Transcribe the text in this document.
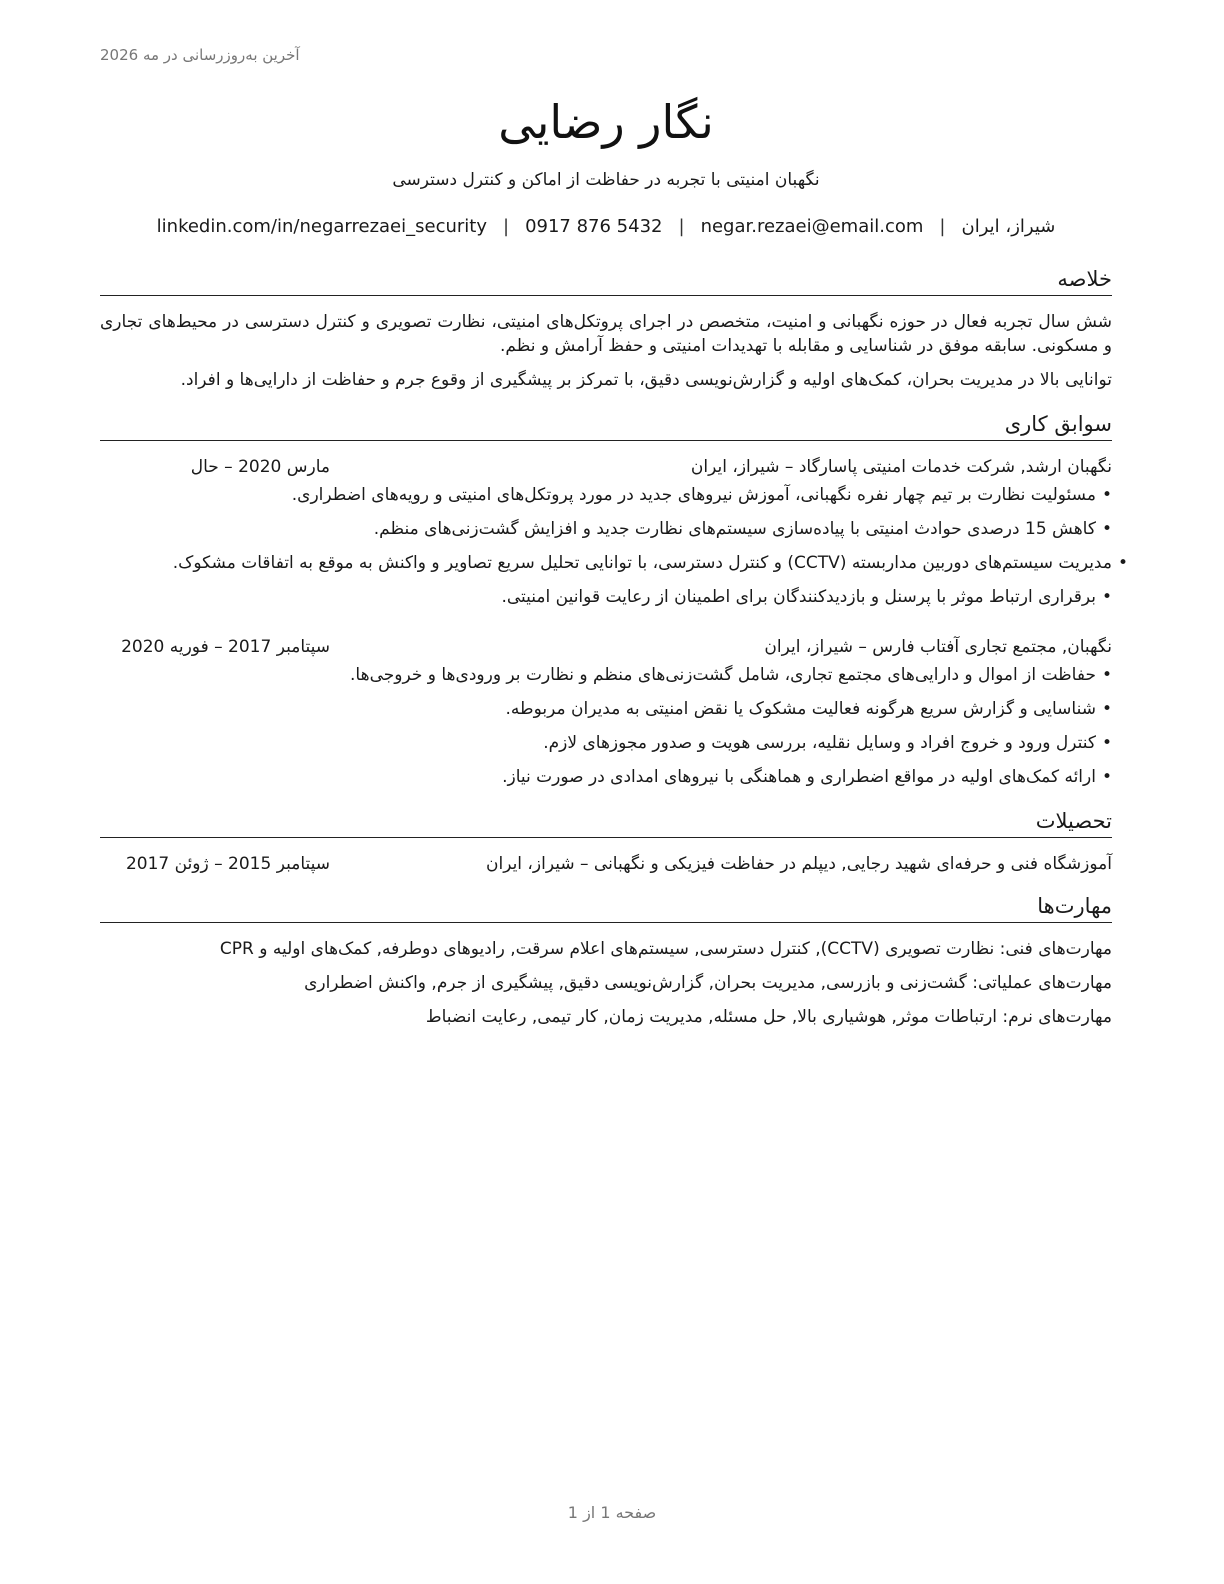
آخرین به‌روزرسانی در مه 2026
نگار رضایی
نگهبان امنیتی با تجربه در حفاظت از اماکن و کنترل دسترسی
شیراز، ایران
|
negar.rezaei@email.com
|
0917 876 5432
|
linkedin.com/in/negarrezaei_security
خلاصه

شش سال تجربه فعال در حوزه نگهبانی و امنیت، متخصص در اجرای پروتکل‌های امنیتی، نظارت تصویری و کنترل دسترسی در محیط‌های تجاری و مسکونی. سابقه موفق در شناسایی و مقابله با تهدیدات امنیتی و حفظ آرامش و نظم.

توانایی بالا در مدیریت بحران، کمک‌های اولیه و گزارش‌نویسی دقیق، با تمرکز بر پیشگیری از وقوع جرم و حفاظت از دارایی‌ها و افراد.

سوابق کاری
نگهبان ارشد, شرکت خدمات امنیتی پاسارگاد – شیراز، ایران
مارس 2020 – حال
• مسئولیت نظارت بر تیم چهار نفره نگهبانی، آموزش نیروهای جدید در مورد پروتکل‌های امنیتی و رویه‌های اضطراری.
• کاهش 15 درصدی حوادث امنیتی با پیاده‌سازی سیستم‌های نظارت جدید و افزایش گشت‌زنی‌های منظم.
• مدیریت سیستم‌های دوربین مداربسته (CCTV) و کنترل دسترسی، با توانایی تحلیل سریع تصاویر و واکنش به موقع به اتفاقات مشکوک.
• برقراری ارتباط موثر با پرسنل و بازدیدکنندگان برای اطمینان از رعایت قوانین امنیتی.
نگهبان, مجتمع تجاری آفتاب فارس – شیراز، ایران
سپتامبر 2017 – فوریه 2020
• حفاظت از اموال و دارایی‌های مجتمع تجاری، شامل گشت‌زنی‌های منظم و نظارت بر ورودی‌ها و خروجی‌ها.
• شناسایی و گزارش سریع هرگونه فعالیت مشکوک یا نقض امنیتی به مدیران مربوطه.
• کنترل ورود و خروج افراد و وسایل نقلیه، بررسی هویت و صدور مجوزهای لازم.
• ارائه کمک‌های اولیه در مواقع اضطراری و هماهنگی با نیروهای امدادی در صورت نیاز.
تحصیلات
آموزشگاه فنی و حرفه‌ای شهید رجایی, دیپلم در حفاظت فیزیکی و نگهبانی – شیراز، ایران
سپتامبر 2015 – ژوئن 2017
مهارت‌ها

مهارت‌های فنی: نظارت تصویری (CCTV), کنترل دسترسی, سیستم‌های اعلام سرقت, رادیوهای دوطرفه, کمک‌های اولیه و CPR

مهارت‌های عملیاتی: گشت‌زنی و بازرسی, مدیریت بحران, گزارش‌نویسی دقیق, پیشگیری از جرم, واکنش اضطراری

مهارت‌های نرم: ارتباطات موثر, هوشیاری بالا, حل مسئله, مدیریت زمان, کار تیمی, رعایت انضباط

صفحه 1 از 1
